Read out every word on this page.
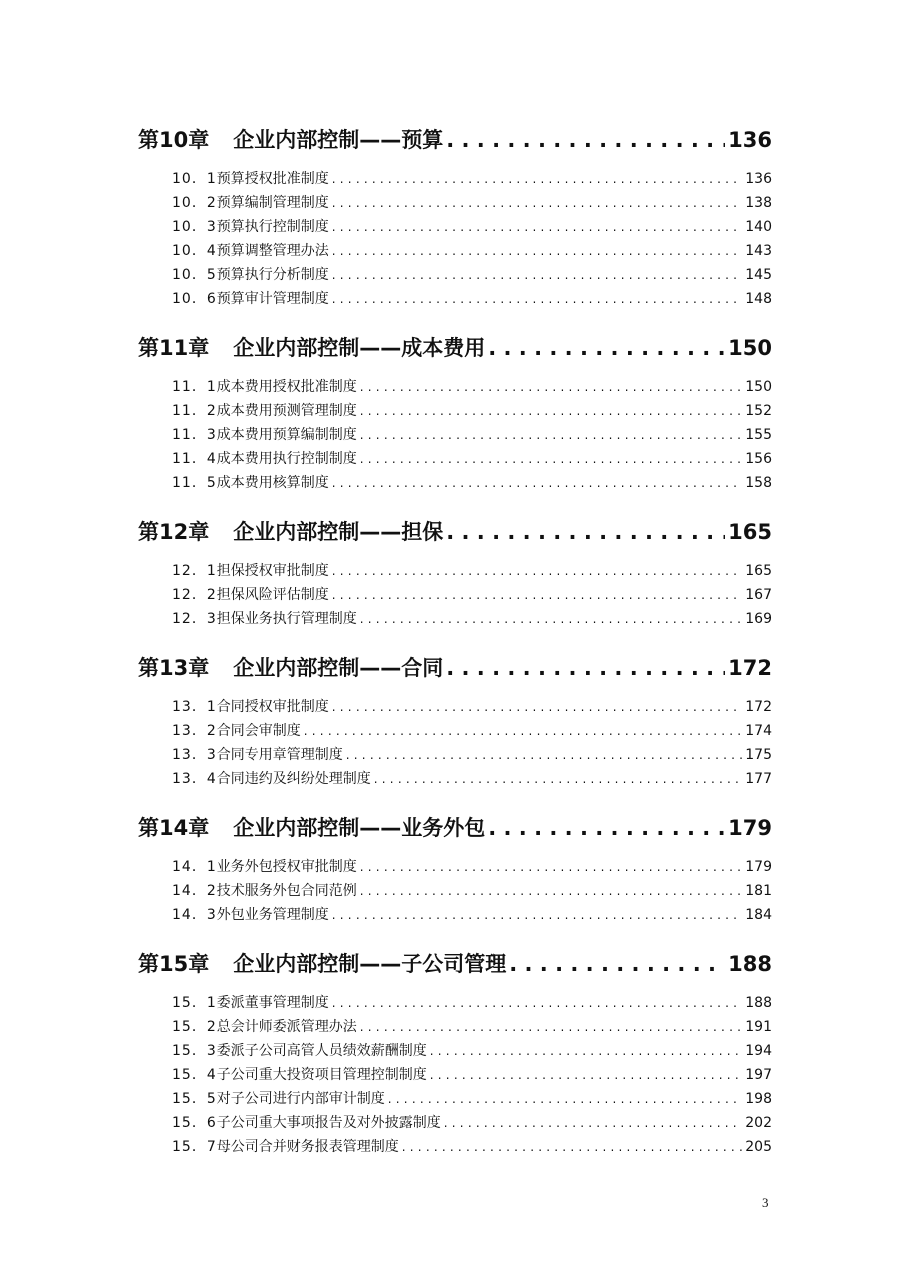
第10章 企业内部控制——预算 . . .	136
10．1 预算授权批准制度 . . .	136
10．2 预算编制管理制度 . . .	138
10．3 预算执行控制制度 . . .	140
10．4 预算调整管理办法 . . .	143
10．5 预算执行分析制度 . . .	145
10．6 预算审计管理制度 . . .	148
第11章 企业内部控制——成本费用 . . .	150
11．1 成本费用授权批准制度 . . .	150
11．2 成本费用预测管理制度 . . .	152
11．3 成本费用预算编制制度 . . .	155
11．4 成本费用执行控制制度 . . .	156
11．5 成本费用核算制度 . . .	158
第12章 企业内部控制——担保 . . .	165
12．1 担保授权审批制度 . . .	165
12．2 担保风险评估制度 . . .	167
12．3 担保业务执行管理制度 . . .	169
第13章 企业内部控制——合同 . . .	172
13．1 合同授权审批制度 . . .	172
13．2 合同会审制度 . . .	174
13．3 合同专用章管理制度 . . .	175
13．4 合同违约及纠纷处理制度 . . .	177
第14章 企业内部控制——业务外包 . . .	179
14．1 业务外包授权审批制度 . . .	179
14．2 技术服务外包合同范例 . . .	181
14．3 外包业务管理制度 . . .	184
第15章 企业内部控制——子公司管理 . . .	188
15．1 委派董事管理制度 . . .	188
15．2 总会计师委派管理办法 . . .	191
15．3 委派子公司高管人员绩效薪酬制度 . . .	194
15．4 子公司重大投资项目管理控制制度 . . .	197
15．5 对子公司进行内部审计制度 . . .	198
15．6 子公司重大事项报告及对外披露制度 . . .	202
15．7 母公司合并财务报表管理制度 . . .	205
3
